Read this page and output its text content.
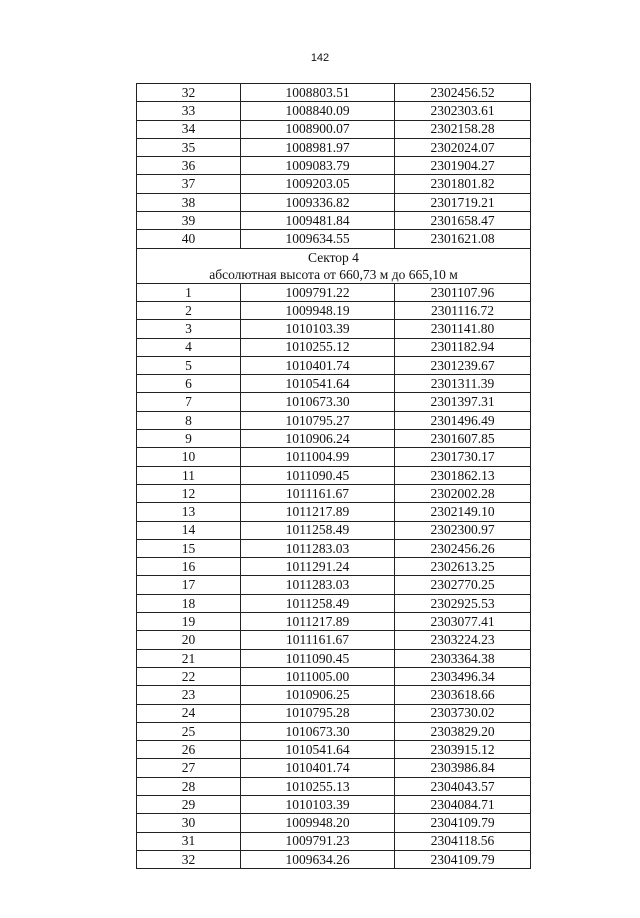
142
32	1008803.51	2302456.52
33	1008840.09	2302303.61
34	1008900.07	2302158.28
35	1008981.97	2302024.07
36	1009083.79	2301904.27
37	1009203.05	2301801.82
38	1009336.82	2301719.21
39	1009481.84	2301658.47
40	1009634.55	2301621.08

Сектор 4
абсолютная высота от 660,73 м до 665,10 м		

1	1009791.22	2301107.96
2	1009948.19	2301116.72
3	1010103.39	2301141.80
4	1010255.12	2301182.94
5	1010401.74	2301239.67
6	1010541.64	2301311.39
7	1010673.30	2301397.31
8	1010795.27	2301496.49
9	1010906.24	2301607.85
10	1011004.99	2301730.17
11	1011090.45	2301862.13
12	1011161.67	2302002.28
13	1011217.89	2302149.10
14	1011258.49	2302300.97
15	1011283.03	2302456.26
16	1011291.24	2302613.25
17	1011283.03	2302770.25
18	1011258.49	2302925.53
19	1011217.89	2303077.41
20	1011161.67	2303224.23
21	1011090.45	2303364.38
22	1011005.00	2303496.34
23	1010906.25	2303618.66
24	1010795.28	2303730.02
25	1010673.30	2303829.20
26	1010541.64	2303915.12
27	1010401.74	2303986.84
28	1010255.13	2304043.57
29	1010103.39	2304084.71
30	1009948.20	2304109.79
31	1009791.23	2304118.56
32	1009634.26	2304109.79
